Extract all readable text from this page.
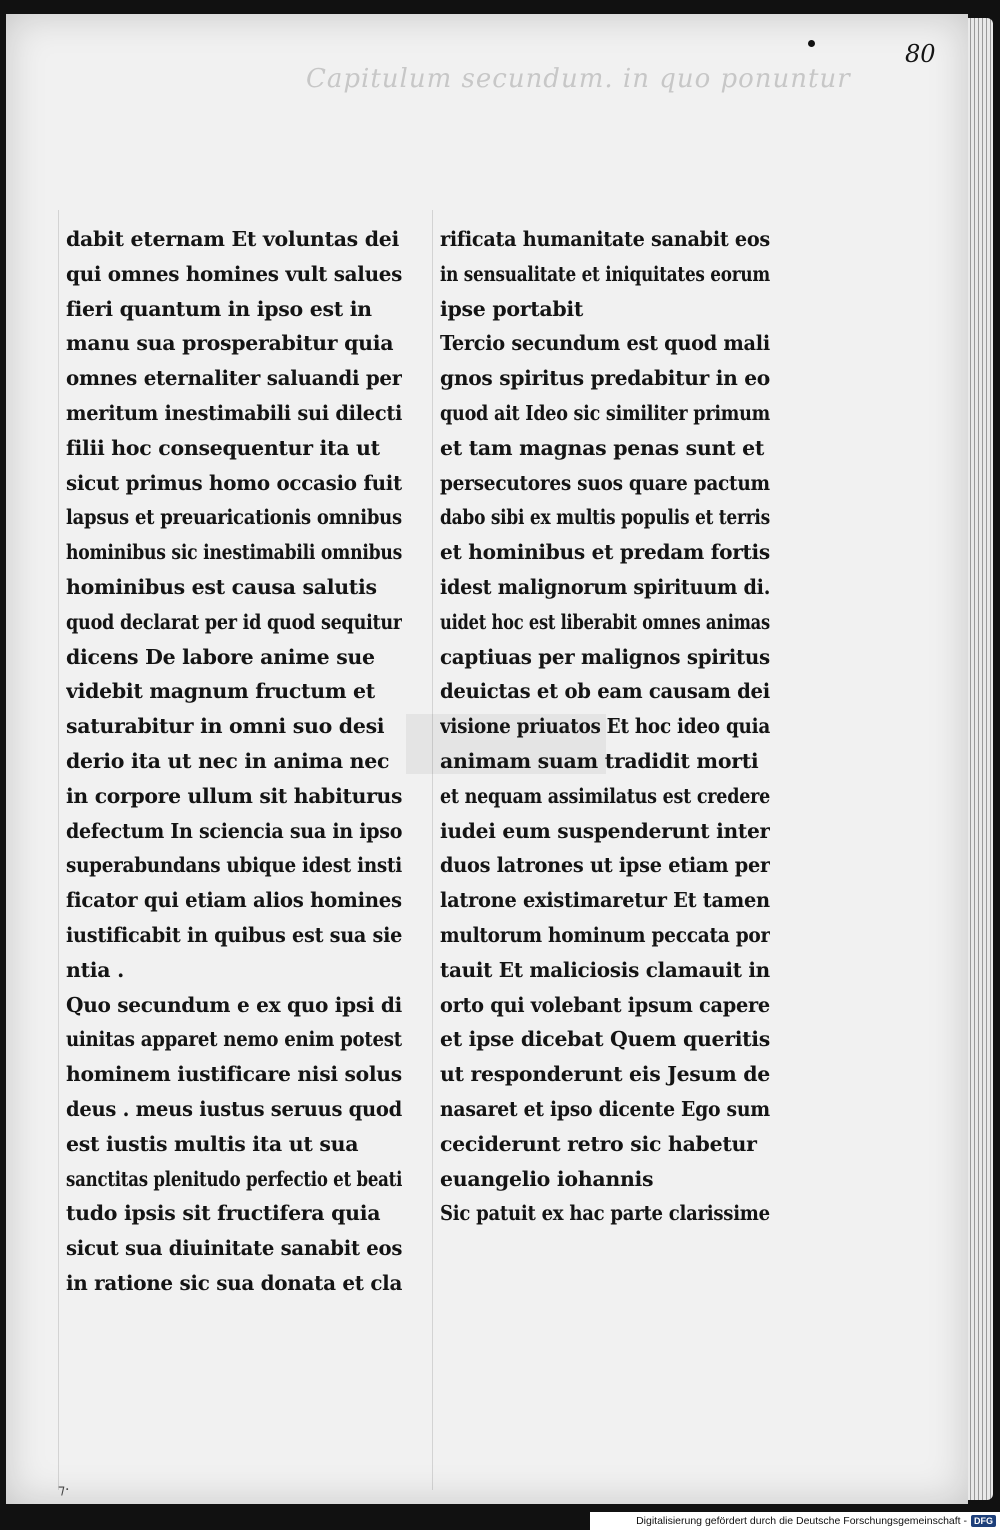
Capitulum secundum. in quo ponuntur
80
dabit eternam Et voluntas dei
qui omnes homines vult salues
fieri quantum in ipso est in
manu sua prosperabitur quia
omnes eternaliter saluandi per
meritum inestimabili sui dilecti
filii hoc consequentur ita ut
sicut primus homo occasio fuit
lapsus et preuaricationis omnibus
hominibus sic inestimabili omnibus
hominibus est causa salutis
quod declarat per id quod sequitur
dicens De labore anime sue
videbit magnum fructum et
saturabitur in omni suo desi
derio ita ut nec in anima nec
in corpore ullum sit habiturus
defectum In sciencia sua in ipso
superabundans ubique idest insti
ficator qui etiam alios homines
iustificabit in quibus est sua sie
ntia .
Quo secundum e ex quo ipsi di
uinitas apparet nemo enim potest
hominem iustificare nisi solus
deus . meus iustus seruus quod
est iustis multis ita ut sua
sanctitas plenitudo perfectio et beati
tudo ipsis sit fructifera quia
sicut sua diuinitate sanabit eos
in ratione sic sua donata et cla
rificata humanitate sanabit eos
in sensualitate et iniquitates eorum
ipse portabit
Tercio secundum est quod mali
gnos spiritus predabitur in eo
quod ait Ideo sic similiter primum
et tam magnas penas sunt et
persecutores suos quare pactum
dabo sibi ex multis populis et terris
et hominibus et predam fortis
idest malignorum spirituum di.
uidet hoc est liberabit omnes animas
captiuas per malignos spiritus
deuictas et ob eam causam dei
visione priuatos Et hoc ideo quia
animam suam tradidit morti
et nequam assimilatus est credere
iudei eum suspenderunt inter
duos latrones ut ipse etiam per
latrone existimaretur Et tamen
multorum hominum peccata por
tauit Et maliciosis clamauit in
orto qui volebant ipsum capere
et ipse dicebat Quem queritis
ut responderunt eis Jesum de
nasaret et ipso dicente Ego sum
ceciderunt retro sic habetur
euangelio iohannis
Sic patuit ex hac parte clarissime
⁊·
Digitalisierung gefördert durch die Deutsche Forschungsgemeinschaft - DFG
